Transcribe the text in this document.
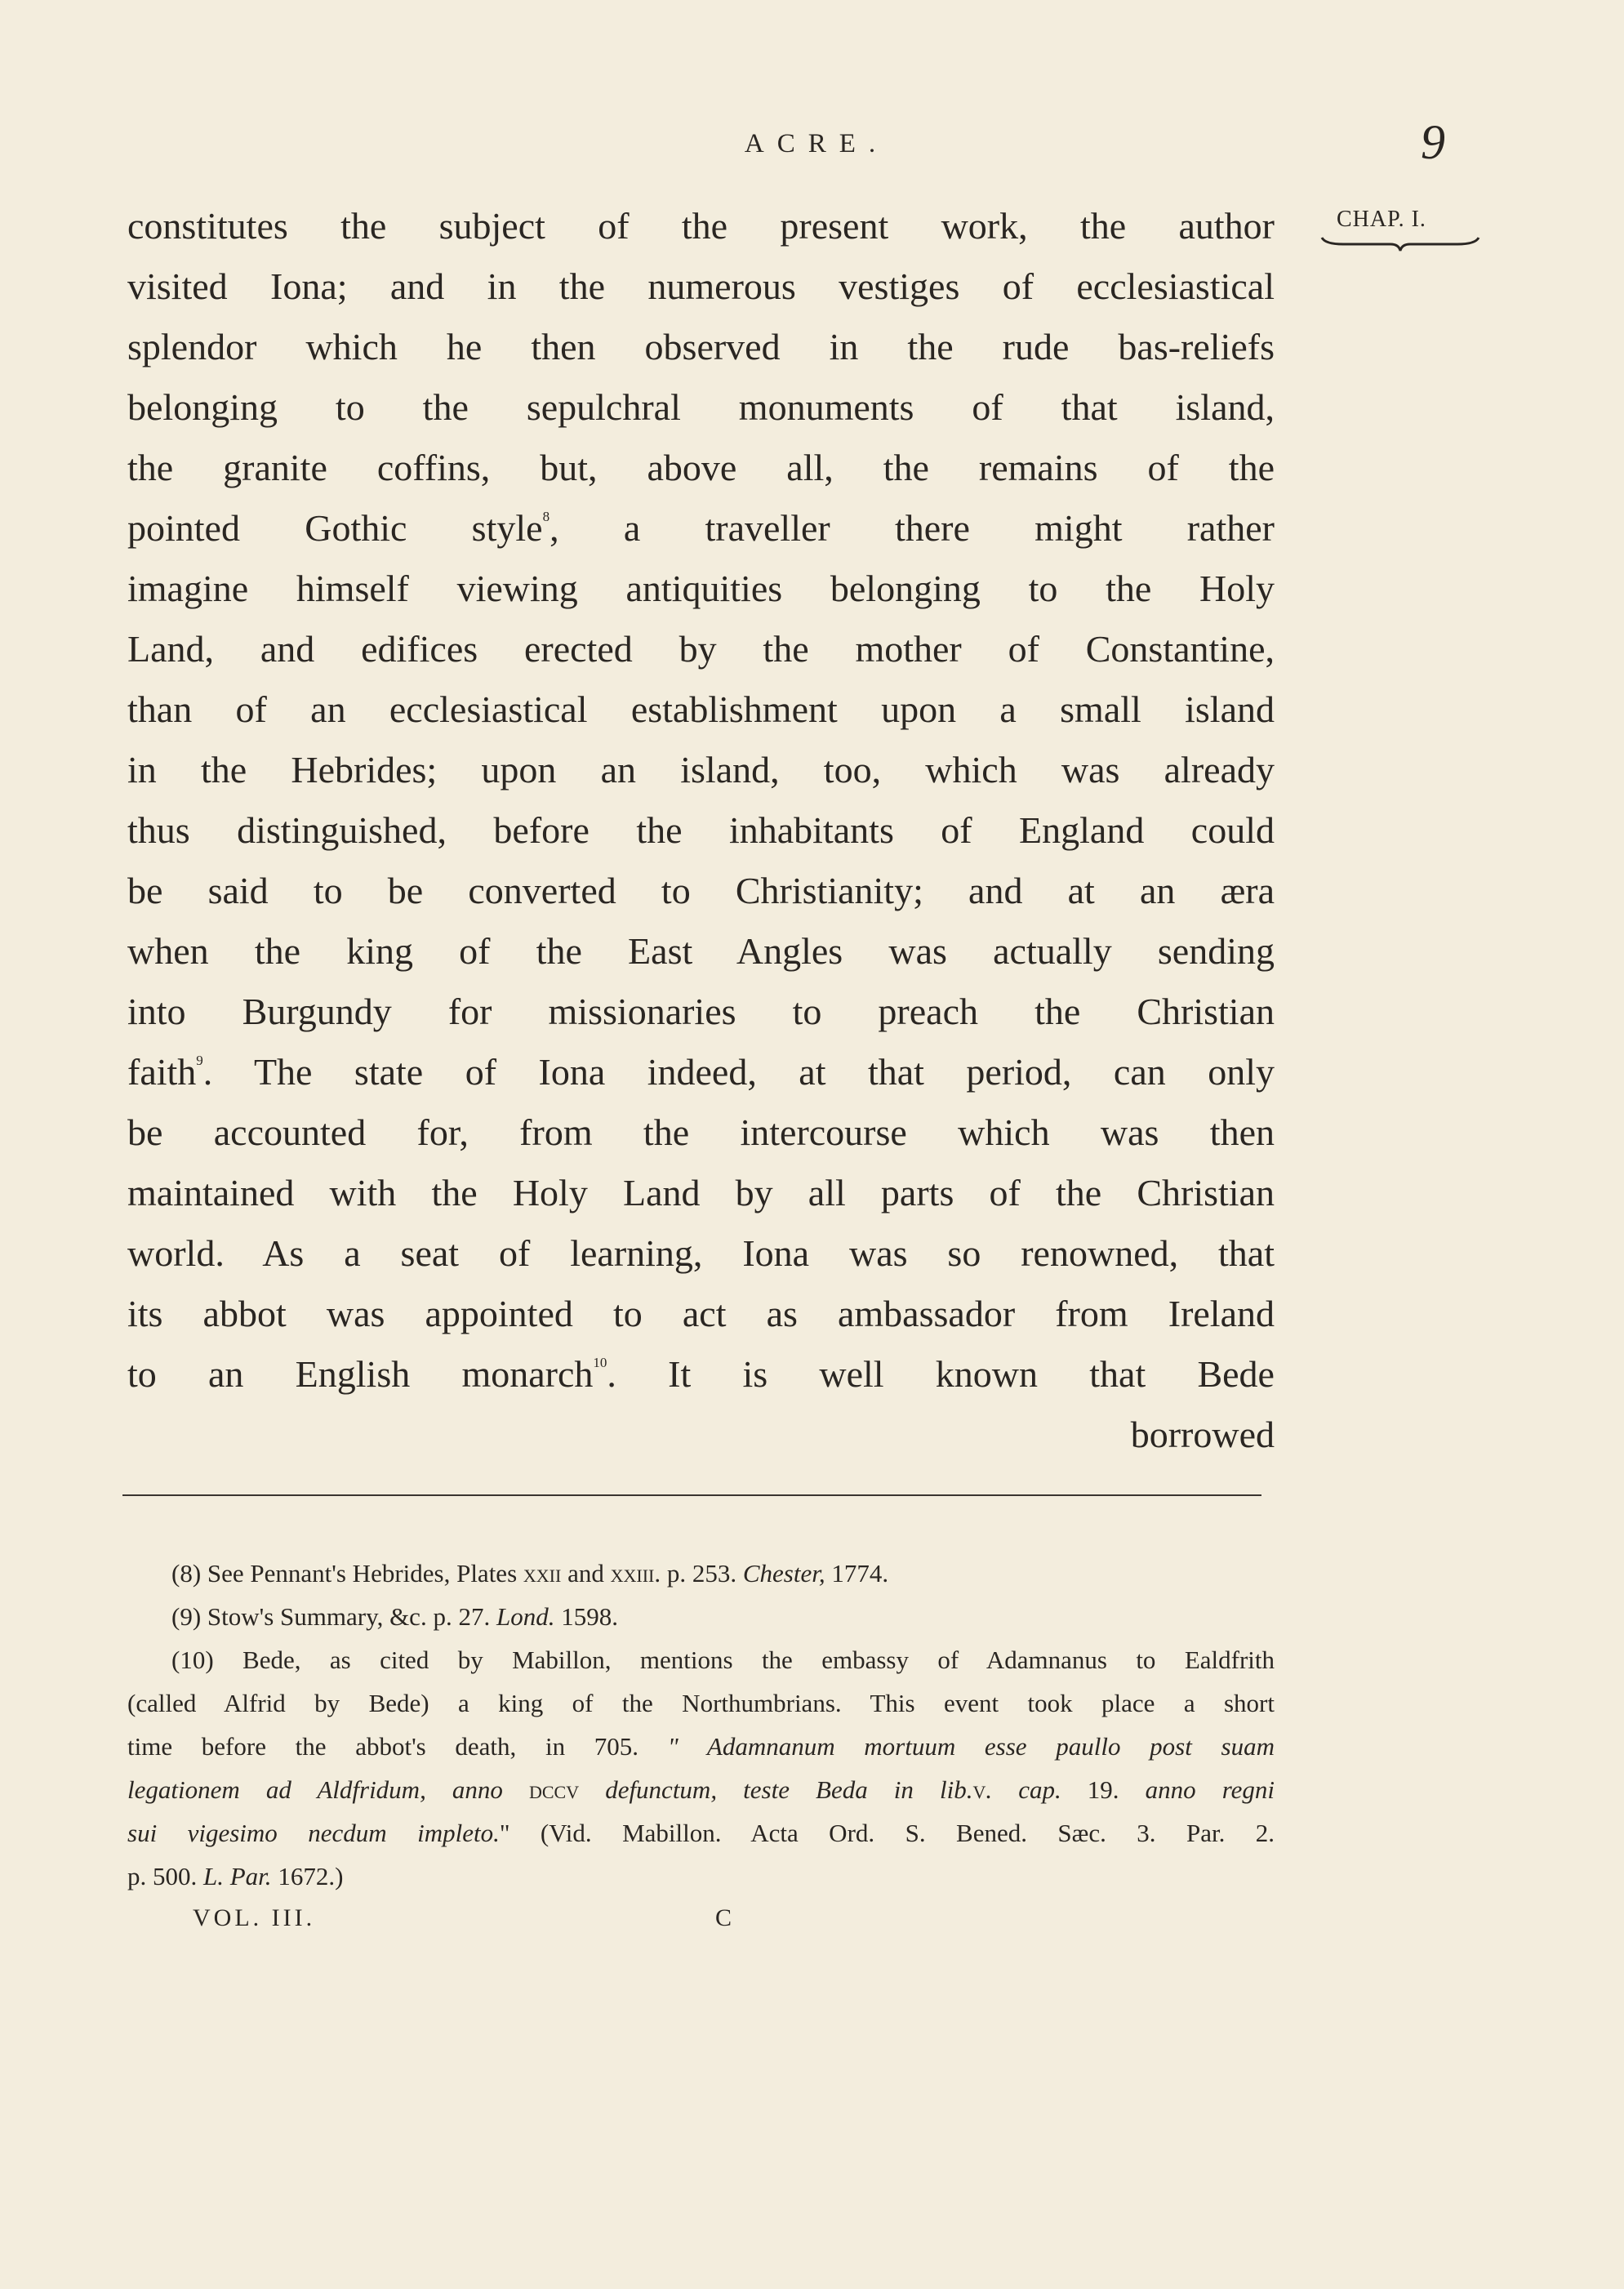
ACRE.	9
CHAP. I.
constitutes the subject of the present work, the author
visited Iona; and in the numerous vestiges of ecclesiastical
splendor which he then observed in the rude bas-reliefs
belonging to the sepulchral monuments of that island,
the granite coffins, but, above all, the remains of the
pointed Gothic style$^8$, a traveller there might rather
imagine himself viewing antiquities belonging to the Holy
Land, and edifices erected by the mother of Constantine,
than of an ecclesiastical establishment upon a small island
in the Hebrides; upon an island, too, which was already
thus distinguished, before the inhabitants of England could
be said to be converted to Christianity; and at an æra
when the king of the East Angles was actually sending
into Burgundy for missionaries to preach the Christian
faith$^9$. The state of Iona indeed, at that period, can only
be accounted for, from the intercourse which was then
maintained with the Holy Land by all parts of the Christian
world. As a seat of learning, Iona was so renowned, that
its abbot was appointed to act as ambassador from Ireland
to an English monarch$^{10}$. It is well known that Bede
borrowed
(8) See Pennant's Hebrides, Plates xxii and xxiii. p. 253. Chester, 1774.
(9) Stow's Summary, &c. p. 27. Lond. 1598.
(10) Bede, as cited by Mabillon, mentions the embassy of Adamnanus to Ealdfrith
(called Alfrid by Bede) a king of the Northumbrians. This event took place a short
time before the abbot's death, in 705. " Adamnanum mortuum esse paullo post suam
legationem ad Aldfridum, anno dccv defunctum, teste Beda in lib.v. cap. 19. anno regni
sui vigesimo necdum impleto." (Vid. Mabillon. Acta Ord. S. Bened. Sæc. 3. Par. 2.
p. 500. L. Par. 1672.)
VOL. III.	C
